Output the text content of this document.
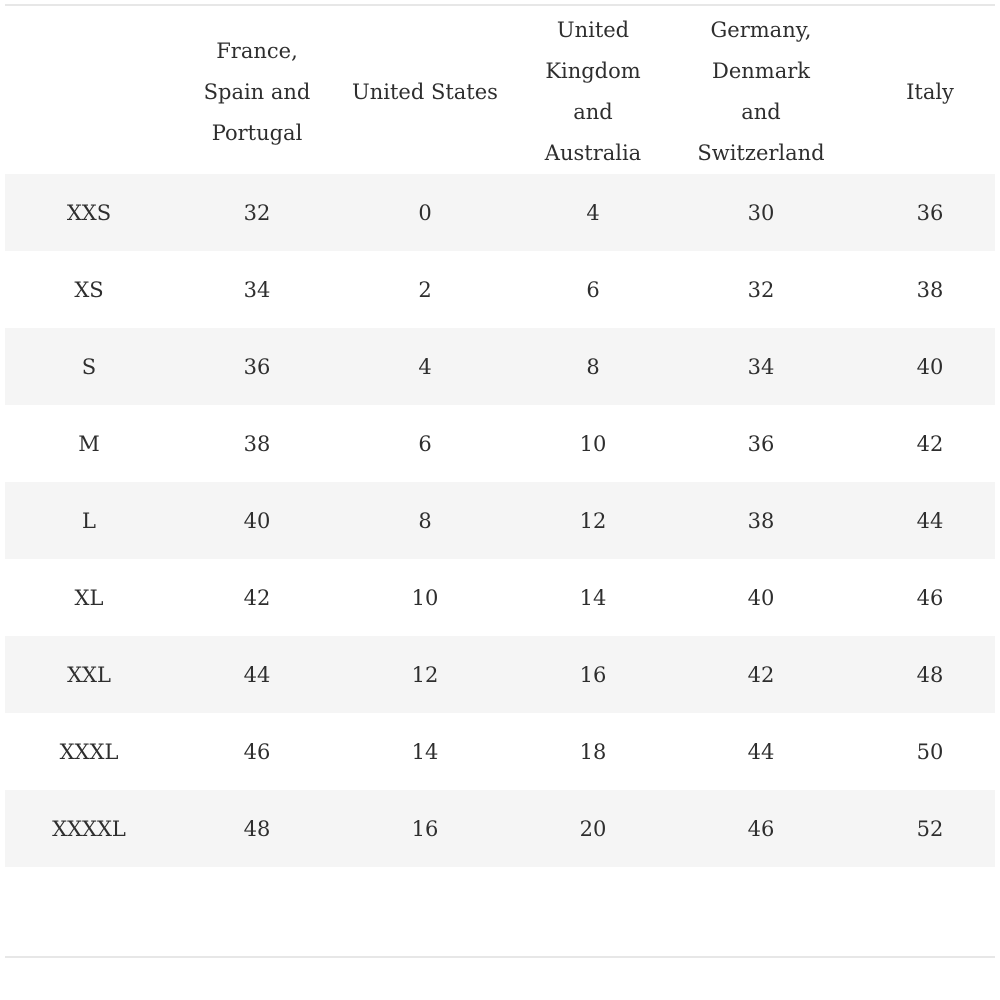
	France, Spain and Portugal	United States	United Kingdom and Australia	Germany, Denmark and Switzerland	Italy
XXS	32	0	4	30	36
XS	34	2	6	32	38
S	36	4	8	34	40
M	38	6	10	36	42
L	40	8	12	38	44
XL	42	10	14	40	46
XXL	44	12	16	42	48
XXXL	46	14	18	44	50
XXXXL	48	16	20	46	52
